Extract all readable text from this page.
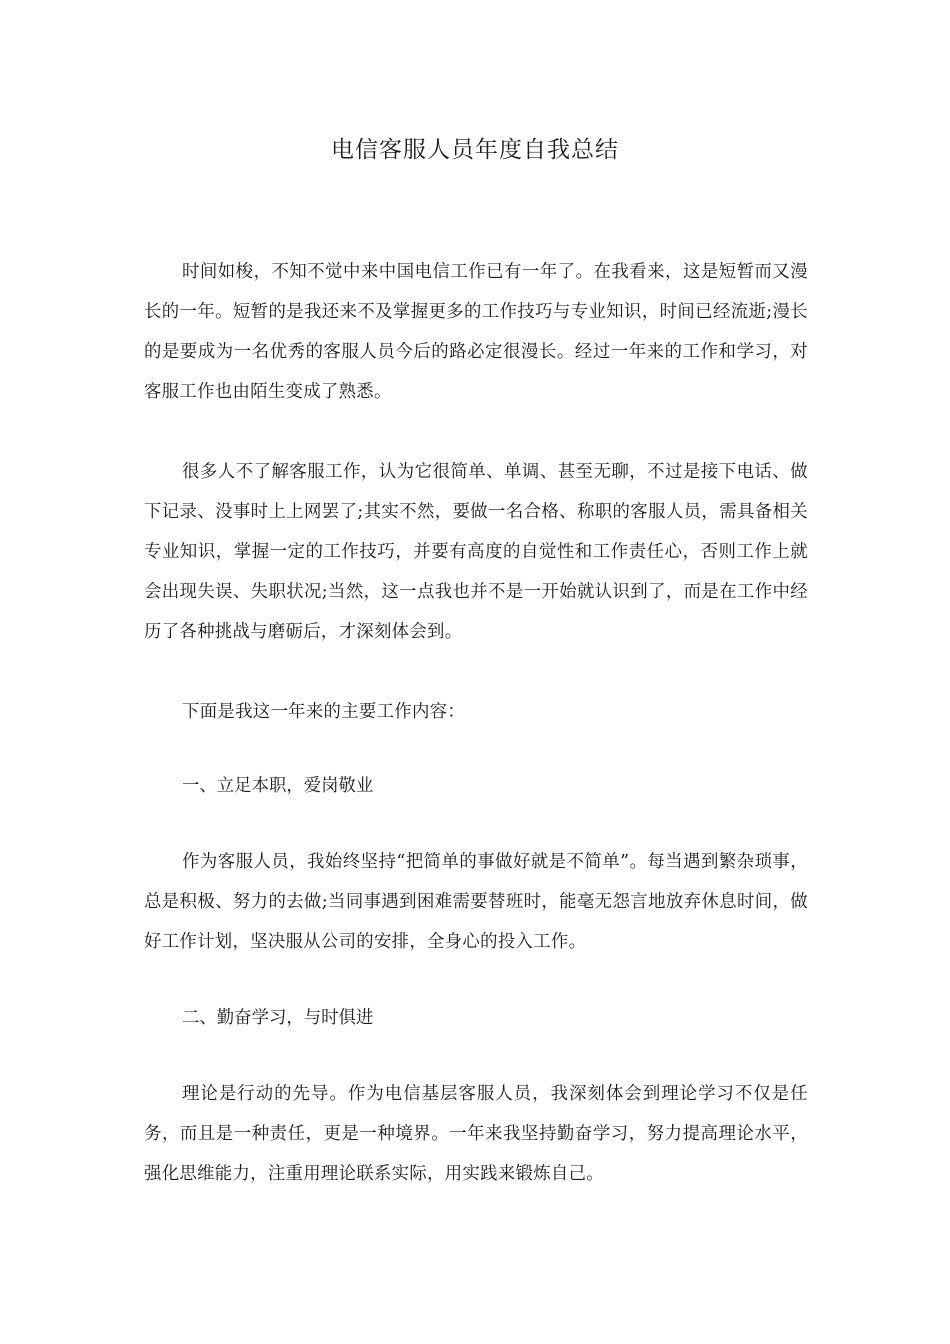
电信客服人员年度自我总结

时间如梭，不知不觉中来中国电信工作已有一年了。在我看来，这是短暂而又漫长的一年。短暂的是我还来不及掌握更多的工作技巧与专业知识，时间已经流逝;漫长的是要成为一名优秀的客服人员今后的路必定很漫长。经过一年来的工作和学习，对客服工作也由陌生变成了熟悉。

很多人不了解客服工作，认为它很简单、单调、甚至无聊，不过是接下电话、做下记录、没事时上上网罢了;其实不然，要做一名合格、称职的客服人员，需具备相关专业知识，掌握一定的工作技巧，并要有高度的自觉性和工作责任心，否则工作上就会出现失误、失职状况;当然，这一点我也并不是一开始就认识到了，而是在工作中经历了各种挑战与磨砺后，才深刻体会到。

下面是我这一年来的主要工作内容：

一、立足本职，爱岗敬业

作为客服人员，我始终坚持“把简单的事做好就是不简单”。每当遇到繁杂琐事，总是积极、努力的去做;当同事遇到困难需要替班时，能毫无怨言地放弃休息时间，做好工作计划，坚决服从公司的安排，全身心的投入工作。

二、勤奋学习，与时俱进

理论是行动的先导。作为电信基层客服人员，我深刻体会到理论学习不仅是任务，而且是一种责任，更是一种境界。一年来我坚持勤奋学习，努力提高理论水平，强化思维能力，注重用理论联系实际，用实践来锻炼自己。
